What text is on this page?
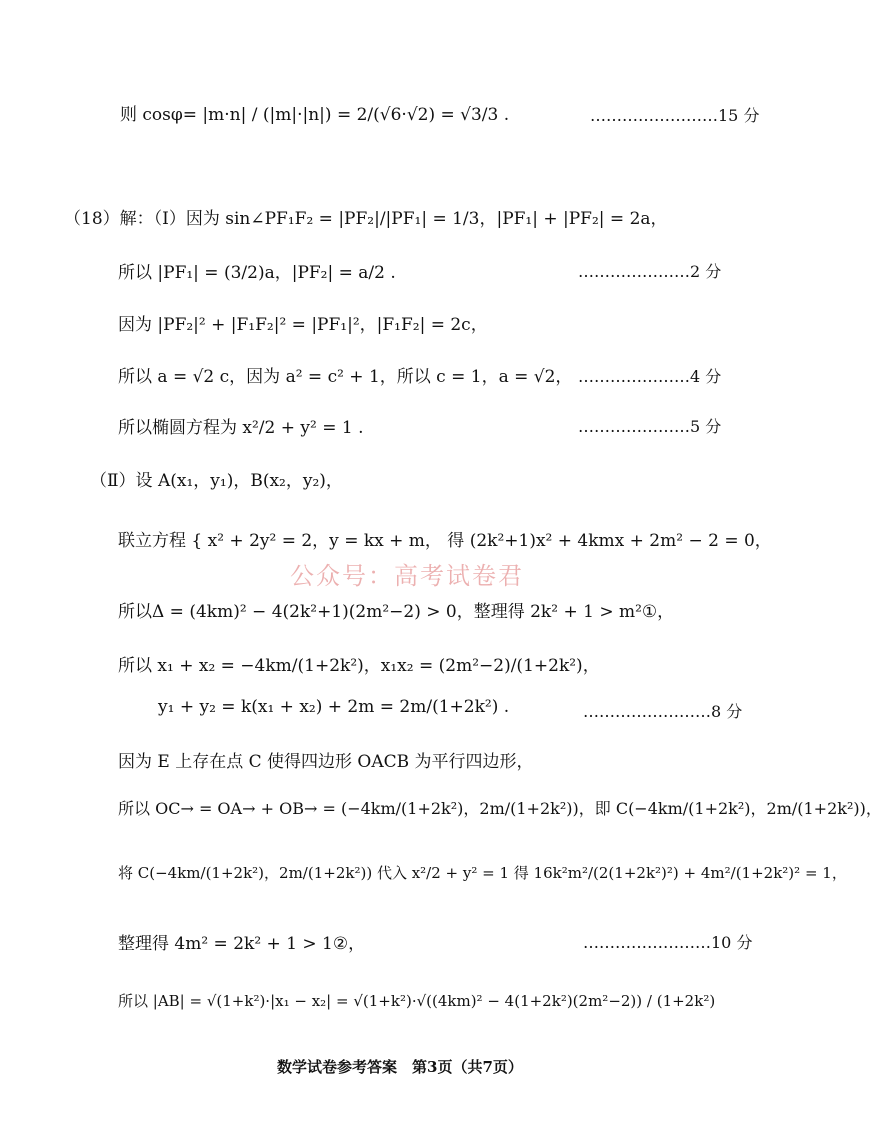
则 cosφ= |m·n| / (|m|·|n|) = 2/(√6·√2) = √3/3 .	……………………15 分
（18）解：（Ⅰ）因为 sin∠PF₁F₂ = |PF₂|/|PF₁| = 1/3，|PF₁| + |PF₂| = 2a，
所以 |PF₁| = (3/2)a，|PF₂| = a/2 .	…………………2 分
因为 |PF₂|² + |F₁F₂|² = |PF₁|²，|F₁F₂| = 2c，
所以 a = √2 c，因为 a² = c² + 1，所以 c = 1，a = √2， …………………4 分
所以椭圆方程为 x²/2 + y² = 1 .	…………………5 分
（Ⅱ）设 A(x₁，y₁)，B(x₂，y₂)，
联立方程 { x² + 2y² = 2，y = kx + m， 得 (2k²+1)x² + 4kmx + 2m² − 2 = 0，
公众号：高考试卷君
所以Δ = (4km)² − 4(2k²+1)(2m²−2) > 0，整理得 2k² + 1 > m²①，
所以 x₁ + x₂ = −4km/(1+2k²)，x₁x₂ = (2m²−2)/(1+2k²)，
y₁ + y₂ = k(x₁ + x₂) + 2m = 2m/(1+2k²) .	……………………8 分
因为 E 上存在点 C 使得四边形 OACB 为平行四边形，
所以 OC→ = OA→ + OB→ = (−4km/(1+2k²)，2m/(1+2k²))，即 C(−4km/(1+2k²)，2m/(1+2k²))，
将 C(−4km/(1+2k²)，2m/(1+2k²)) 代入 x²/2 + y² = 1 得 16k²m²/(2(1+2k²)²) + 4m²/(1+2k²)² = 1，
整理得 4m² = 2k² + 1 > 1②，	……………………10 分
所以 |AB| = √(1+k²)·|x₁ − x₂| = √(1+k²)·√((4km)² − 4(1+2k²)(2m²−2)) / (1+2k²)
数学试卷参考答案　第3页（共7页）
